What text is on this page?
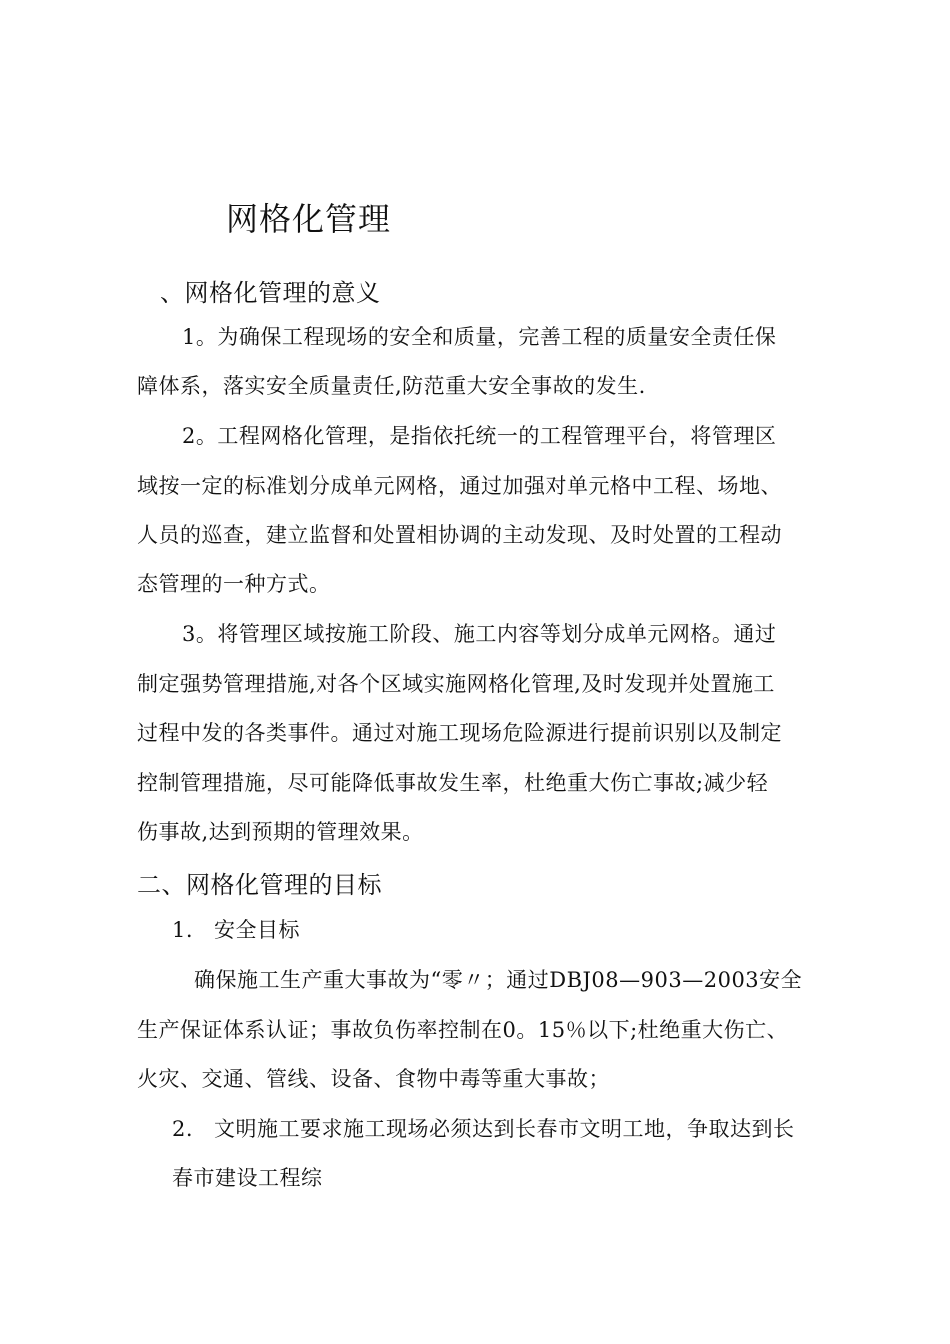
网格化管理
、网格化管理的意义
1。为确保工程现场的安全和质量，完善工程的质量安全责任保
障体系，落实安全质量责任,防范重大安全事故的发生.
2。工程网格化管理，是指依托统一的工程管理平台，将管理区
域按一定的标准划分成单元网格，通过加强对单元格中工程、场地、
人员的巡查，建立监督和处置相协调的主动发现、及时处置的工程动
态管理的一种方式。
3。将管理区域按施工阶段、施工内容等划分成单元网格。通过
制定强势管理措施,对各个区域实施网格化管理,及时发现并处置施工
过程中发的各类事件。通过对施工现场危险源进行提前识别以及制定
控制管理措施，尽可能降低事故发生率，杜绝重大伤亡事故;减少轻
伤事故,达到预期的管理效果。
二、网格化管理的目标
1. 安全目标
确保施工生产重大事故为“零〃；通过DBJ08—903—2003安全
生产保证体系认证；事故负伤率控制在0。15％以下;杜绝重大伤亡、
火灾、交通、管线、设备、食物中毒等重大事故；
2. 文明施工要求施工现场必须达到长春市文明工地，争取达到长
春市建设工程综
